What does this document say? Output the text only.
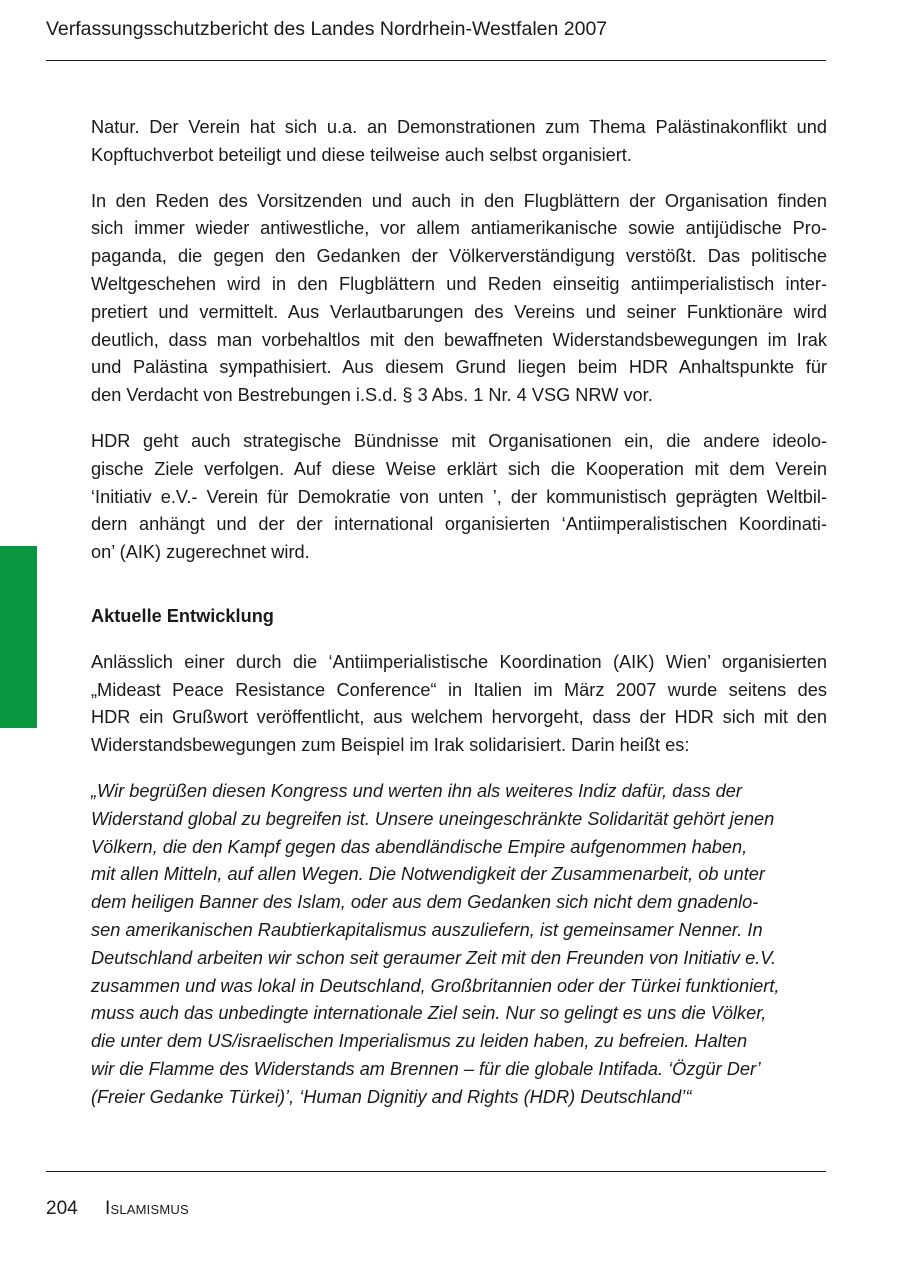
Verfassungsschutzbericht des Landes Nordrhein-Westfalen 2007
Natur. Der Verein hat sich u.a. an Demonstrationen zum Thema Palästinakonflikt und
Kopftuchverbot beteiligt und diese teilweise auch selbst organisiert.
In den Reden des Vorsitzenden und auch in den Flugblättern der Organisation finden
sich immer wieder antiwestliche, vor allem antiamerikanische sowie antijüdische Pro-
paganda, die gegen den Gedanken der Völkerverständigung verstößt. Das politische
Weltgeschehen wird in den Flugblättern und Reden einseitig antiimperialistisch inter-
pretiert und vermittelt. Aus Verlautbarungen des Vereins und seiner Funktionäre wird
deutlich, dass man vorbehaltlos mit den bewaffneten Widerstandsbewegungen im Irak
und Palästina sympathisiert. Aus diesem Grund liegen beim HDR Anhaltspunkte für
den Verdacht von Bestrebungen i.S.d. § 3 Abs. 1 Nr. 4 VSG NRW vor.
HDR geht auch strategische Bündnisse mit Organisationen ein, die andere ideolo-
gische Ziele verfolgen. Auf diese Weise erklärt sich die Kooperation mit dem Verein
‘Initiativ e.V.- Verein für Demokratie von unten ’, der kommunistisch geprägten Weltbil-
dern anhängt und der der international organisierten ‘Antiimperalistischen Koordinati-
on’ (AIK) zugerechnet wird.
Aktuelle Entwicklung
Anlässlich einer durch die ‘Antiimperialistische Koordination (AIK) Wien’ organisierten
„Mideast Peace Resistance Conference“ in Italien im März 2007 wurde seitens des
HDR ein Grußwort veröffentlicht, aus welchem hervorgeht, dass der HDR sich mit den
Widerstandsbewegungen zum Beispiel im Irak solidarisiert. Darin heißt es:
„Wir begrüßen diesen Kongress und werten ihn als weiteres Indiz dafür, dass der
Widerstand global zu begreifen ist. Unsere uneingeschränkte Solidarität gehört jenen
Völkern, die den Kampf gegen das abendländische Empire aufgenommen haben,
mit allen Mitteln, auf allen Wegen. Die Notwendigkeit der Zusammenarbeit, ob unter
dem heiligen Banner des Islam, oder aus dem Gedanken sich nicht dem gnadenlo-
sen amerikanischen Raubtierkapitalismus auszuliefern, ist gemeinsamer Nenner. In
Deutschland arbeiten wir schon seit geraumer Zeit mit den Freunden von Initiativ e.V.
zusammen und was lokal in Deutschland, Großbritannien oder der Türkei funktioniert,
muss auch das unbedingte internationale Ziel sein. Nur so gelingt es uns die Völker,
die unter dem US/israelischen Imperialismus zu leiden haben, zu befreien. Halten
wir die Flamme des Widerstands am Brennen – für die globale Intifada. ‘Özgür Der’
(Freier Gedanke Türkei)’, ‘Human Dignitiy and Rights (HDR) Deutschland’“
204 Islamismus
